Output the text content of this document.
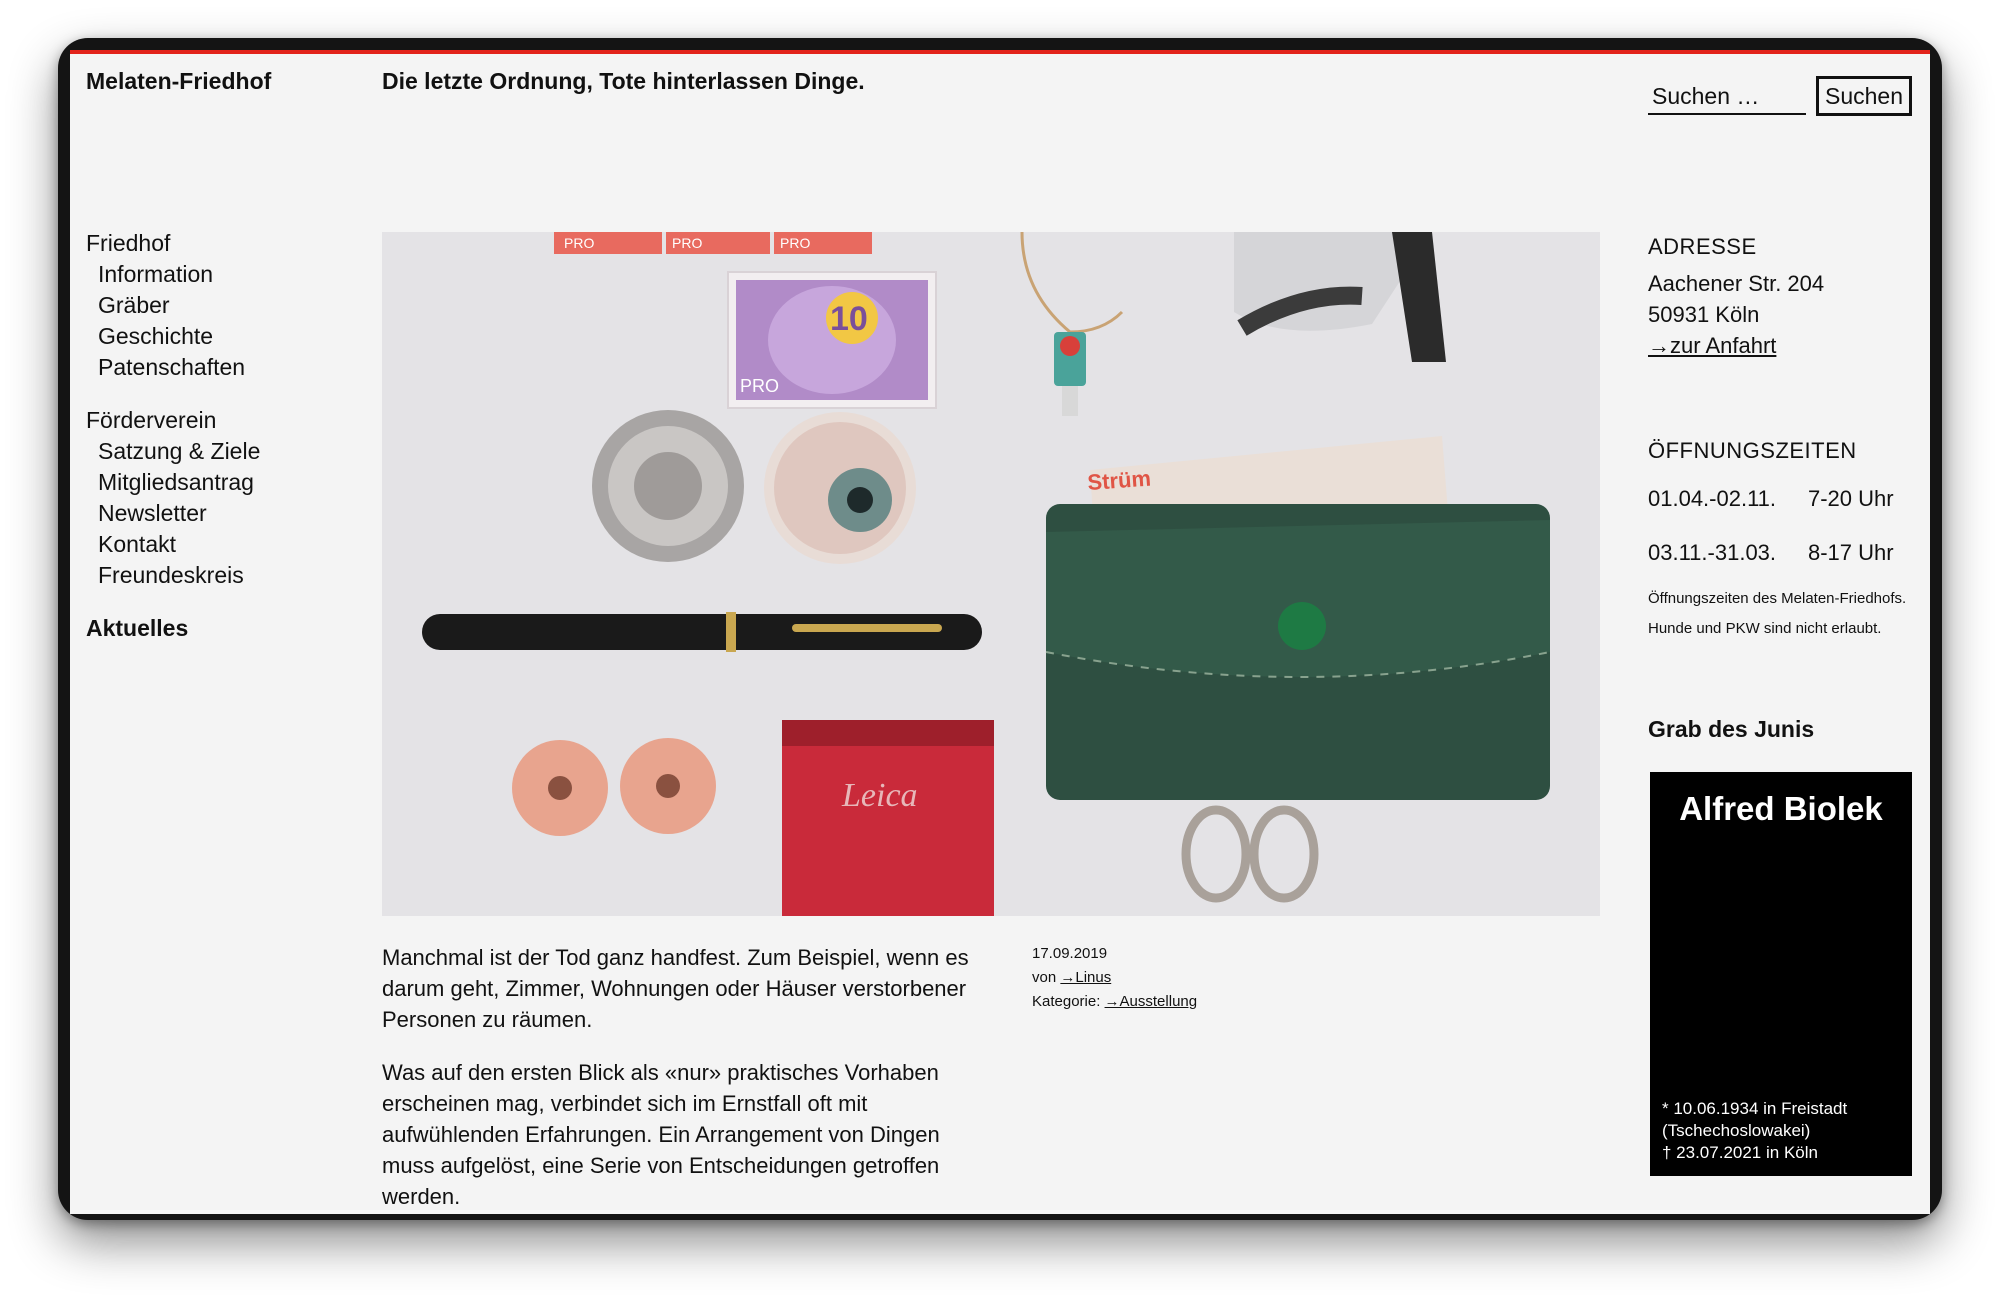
Melaten-Friedhof	Die letzte Ordnung, Tote hinterlassen Dinge.
Suchen …
Suchen
Friedhof
Information
Gräber
Geschichte
Patenschaften
Förderverein
Satzung & Ziele
Mitgliedsantrag
Newsletter
Kontakt
Freundeskreis
Aktuelles
PRO	PRO	PRO
10
PRO
Leica
Strüm

Manchmal ist der Tod ganz handfest. Zum Beispiel, wenn es darum geht, Zimmer, Wohnungen oder Häuser verstorbener Personen zu räumen.

Was auf den ersten Blick als «nur» praktisches Vorhaben erscheinen mag, verbindet sich im Ernstfall oft mit aufwühlenden Erfahrungen. Ein Arrangement von Dingen muss aufgelöst, eine Serie von Entscheidungen getroffen werden.

17.09.2019
von →Linus
Kategorie: →Ausstellung
ADRESSE
Aachener Str. 204
50931 Köln
→zur Anfahrt
ÖFFNUNGSZEITEN
01.04.-02.11.	7-20 Uhr
03.11.-31.03.	8-17 Uhr
Öffnungszeiten des Melaten-Friedhofs.
Hunde und PKW sind nicht erlaubt.
Grab des Junis
Alfred Biolek
* 10.06.1934 in Freistadt (Tschechoslowakei)
† 23.07.2021 in Köln
